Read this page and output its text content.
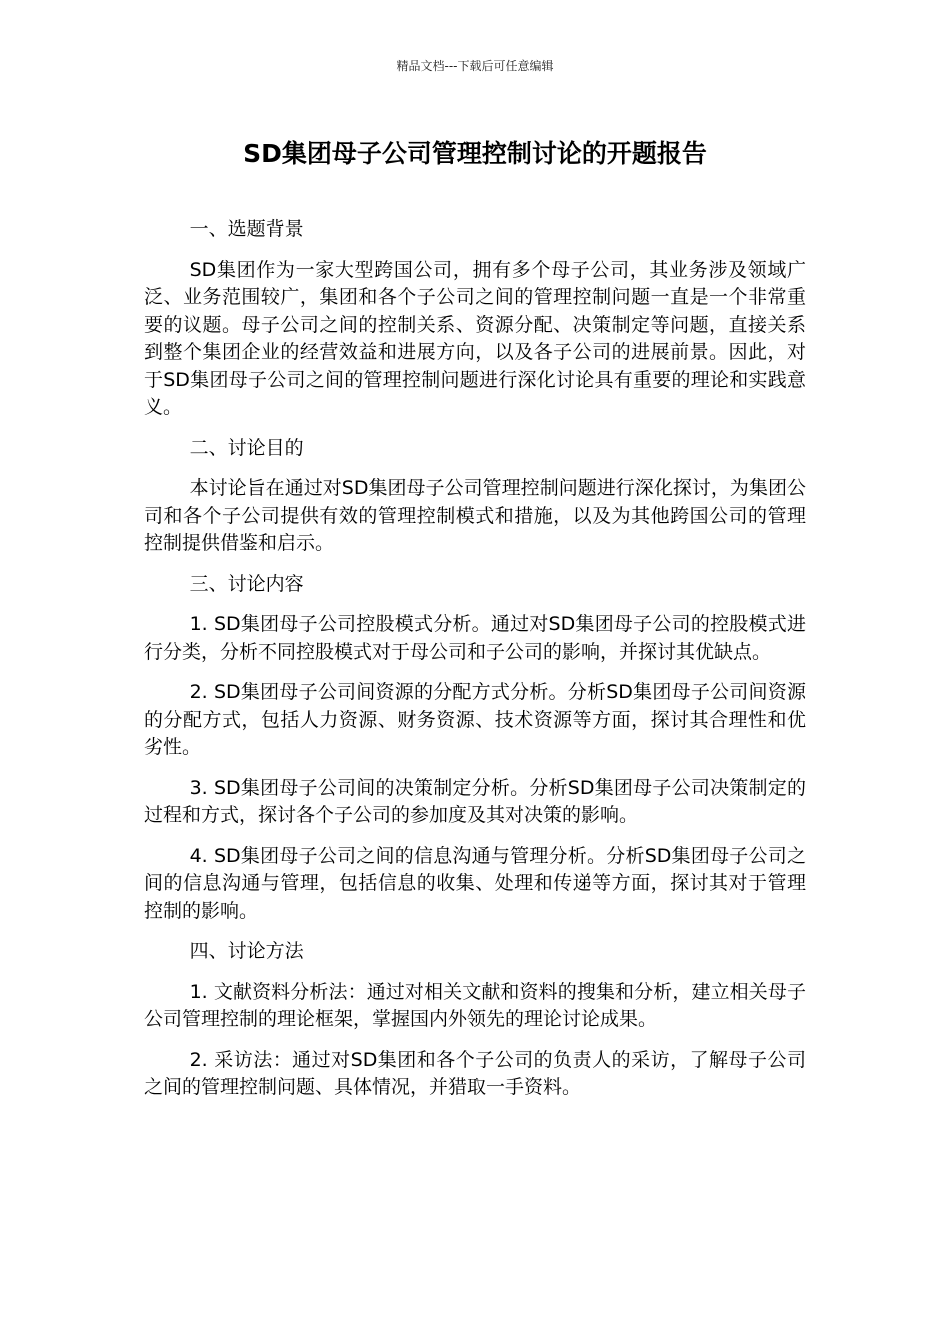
精品文档---下载后可任意编辑
SD集团母子公司管理控制讨论的开题报告

一、选题背景

SD集团作为一家大型跨国公司，拥有多个母子公司，其业务涉及领域广泛、业务范围较广，集团和各个子公司之间的管理控制问题一直是一个非常重要的议题。母子公司之间的控制关系、资源分配、决策制定等问题，直接关系到整个集团企业的经营效益和进展方向，以及各子公司的进展前景。因此，对于SD集团母子公司之间的管理控制问题进行深化讨论具有重要的理论和实践意义。

二、讨论目的

本讨论旨在通过对SD集团母子公司管理控制问题进行深化探讨，为集团公司和各个子公司提供有效的管理控制模式和措施，以及为其他跨国公司的管理控制提供借鉴和启示。

三、讨论内容

1. SD集团母子公司控股模式分析。通过对SD集团母子公司的控股模式进行分类，分析不同控股模式对于母公司和子公司的影响，并探讨其优缺点。

2. SD集团母子公司间资源的分配方式分析。分析SD集团母子公司间资源的分配方式，包括人力资源、财务资源、技术资源等方面，探讨其合理性和优劣性。

3. SD集团母子公司间的决策制定分析。分析SD集团母子公司决策制定的过程和方式，探讨各个子公司的参加度及其对决策的影响。

4. SD集团母子公司之间的信息沟通与管理分析。分析SD集团母子公司之间的信息沟通与管理，包括信息的收集、处理和传递等方面，探讨其对于管理控制的影响。

四、讨论方法

1. 文献资料分析法：通过对相关文献和资料的搜集和分析，建立相关母子公司管理控制的理论框架，掌握国内外领先的理论讨论成果。

2. 采访法：通过对SD集团和各个子公司的负责人的采访，了解母子公司之间的管理控制问题、具体情况，并猎取一手资料。
